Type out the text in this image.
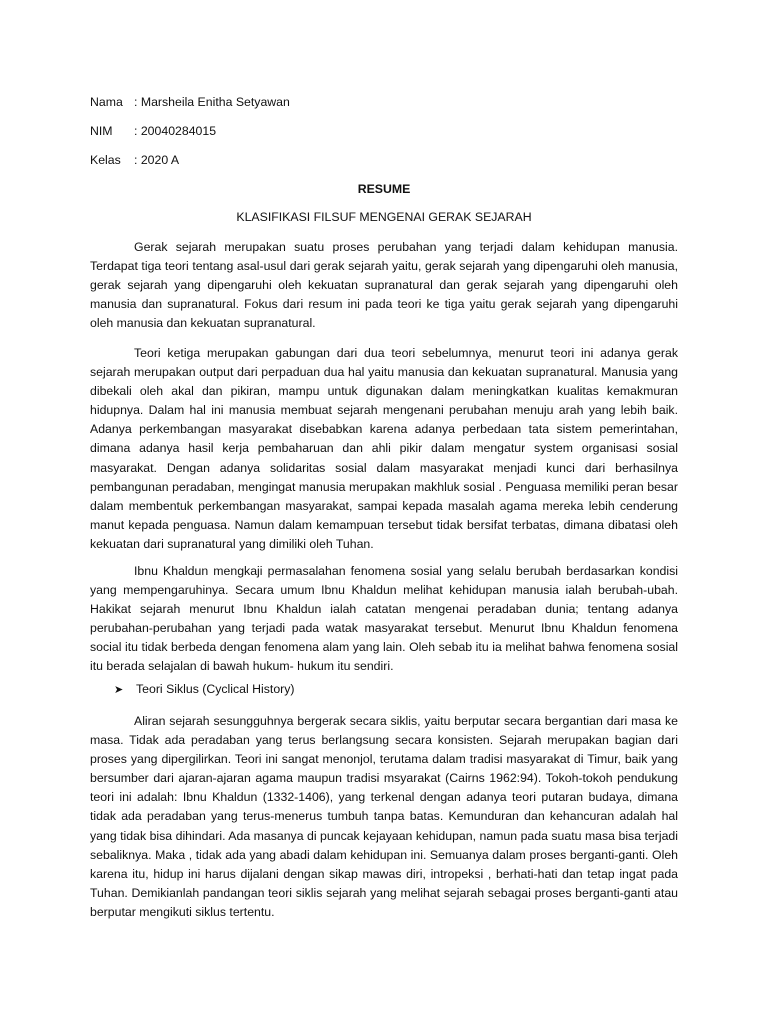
Nama : Marsheila Enitha Setyawan
NIM	: 20040284015
Kelas	: 2020 A
RESUME
KLASIFIKASI FILSUF MENGENAI GERAK SEJARAH

Gerak sejarah merupakan suatu proses perubahan yang terjadi dalam kehidupan manusia. Terdapat tiga teori tentang asal-usul dari gerak sejarah yaitu, gerak sejarah yang dipengaruhi oleh manusia, gerak sejarah yang dipengaruhi oleh kekuatan supranatural dan gerak sejarah yang dipengaruhi oleh manusia dan supranatural. Fokus dari resum ini pada teori ke tiga yaitu gerak sejarah yang dipengaruhi oleh manusia dan kekuatan supranatural.

Teori ketiga merupakan gabungan dari dua teori sebelumnya, menurut teori ini adanya gerak sejarah merupakan output dari perpaduan dua hal yaitu manusia dan kekuatan supranatural. Manusia yang dibekali oleh akal dan pikiran, mampu untuk digunakan dalam meningkatkan kualitas kemakmuran hidupnya. Dalam hal ini manusia membuat sejarah mengenani perubahan menuju arah yang lebih baik. Adanya perkembangan masyarakat disebabkan karena adanya perbedaan tata sistem pemerintahan, dimana adanya hasil kerja pembaharuan dan ahli pikir dalam mengatur system organisasi sosial masyarakat. Dengan adanya solidaritas sosial dalam masyarakat menjadi kunci dari berhasilnya pembangunan peradaban, mengingat manusia merupakan makhluk sosial . Penguasa memiliki peran besar dalam membentuk perkembangan masyarakat, sampai kepada masalah agama mereka lebih cenderung manut kepada penguasa. Namun dalam kemampuan tersebut tidak bersifat terbatas, dimana dibatasi oleh kekuatan dari supranatural yang dimiliki oleh Tuhan.

Ibnu Khaldun mengkaji permasalahan fenomena sosial yang selalu berubah berdasarkan kondisi yang mempengaruhinya. Secara umum Ibnu Khaldun melihat kehidupan manusia ialah berubah-ubah. Hakikat sejarah menurut Ibnu Khaldun ialah catatan mengenai peradaban dunia; tentang adanya perubahan-perubahan yang terjadi pada watak masyarakat tersebut. Menurut Ibnu Khaldun fenomena social itu tidak berbeda dengan fenomena alam yang lain. Oleh sebab itu ia melihat bahwa fenomena sosial itu berada selajalan di bawah hukum- hukum itu sendiri.

➤ Teori Siklus (Cyclical History)

Aliran sejarah sesungguhnya bergerak secara siklis, yaitu berputar secara bergantian dari masa ke masa. Tidak ada peradaban yang terus berlangsung secara konsisten. Sejarah merupakan bagian dari proses yang dipergilirkan. Teori ini sangat menonjol, terutama dalam tradisi masyarakat di Timur, baik yang bersumber dari ajaran-ajaran agama maupun tradisi msyarakat (Cairns 1962:94). Tokoh-tokoh pendukung teori ini adalah: Ibnu Khaldun (1332-1406), yang terkenal dengan adanya teori putaran budaya, dimana tidak ada peradaban yang terus-menerus tumbuh tanpa batas. Kemunduran dan kehancuran adalah hal yang tidak bisa dihindari. Ada masanya di puncak kejayaan kehidupan, namun pada suatu masa bisa terjadi sebaliknya. Maka , tidak ada yang abadi dalam kehidupan ini. Semuanya dalam proses berganti-ganti. Oleh karena itu, hidup ini harus dijalani dengan sikap mawas diri, intropeksi , berhati-hati dan tetap ingat pada Tuhan. Demikianlah pandangan teori siklis sejarah yang melihat sejarah sebagai proses berganti-ganti atau berputar mengikuti siklus tertentu.
